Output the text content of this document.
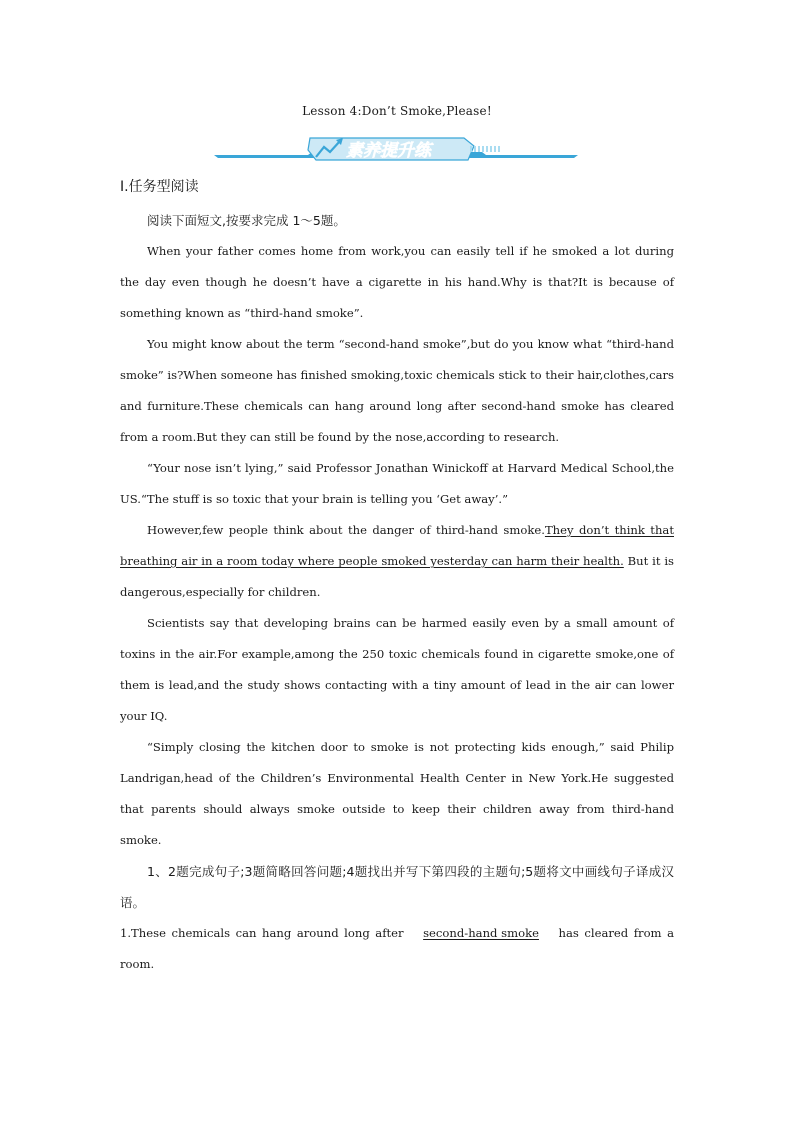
Lesson 4:Don’t Smoke,Please!
素养提升练
Ⅰ.任务型阅读

阅读下面短文,按要求完成 1～5题。

When your father comes home from work,you can easily tell if he smoked a lot during the day even though he doesn’t have a cigarette in his hand.Why is that?It is because of something known as “third-hand smoke”.

You might know about the term “second-hand smoke”,but do you know what “third-hand smoke” is?When someone has finished smoking,toxic chemicals stick to their hair,clothes,cars and furniture.These chemicals can hang around long after second-hand smoke has cleared from a room.But they can still be found by the nose,according to research.

“Your nose isn’t lying,” said Professor Jonathan Winickoff at Harvard Medical School,the US.“The stuff is so toxic that your brain is telling you ‘Get away’.”

However,few people think about the danger of third-hand smoke.They don’t think that breathing air in a room today where people smoked yesterday can harm their health. But it is dangerous,especially for children.

Scientists say that developing brains can be harmed easily even by a small amount of toxins in the air.For example,among the 250 toxic chemicals found in cigarette smoke,one of them is lead,and the study shows contacting with a tiny amount of lead in the air can lower your IQ.

“Simply closing the kitchen door to smoke is not protecting kids enough,” said Philip Landrigan,head of the Children’s Environmental Health Center in New York.He suggested that parents should always smoke outside to keep their children away from third-hand smoke.

1、2题完成句子;3题简略回答问题;4题找出并写下第四段的主题句;5题将文中画线句子译成汉语。

1.These chemicals can hang around long after second-hand smoke has cleared from a room.
